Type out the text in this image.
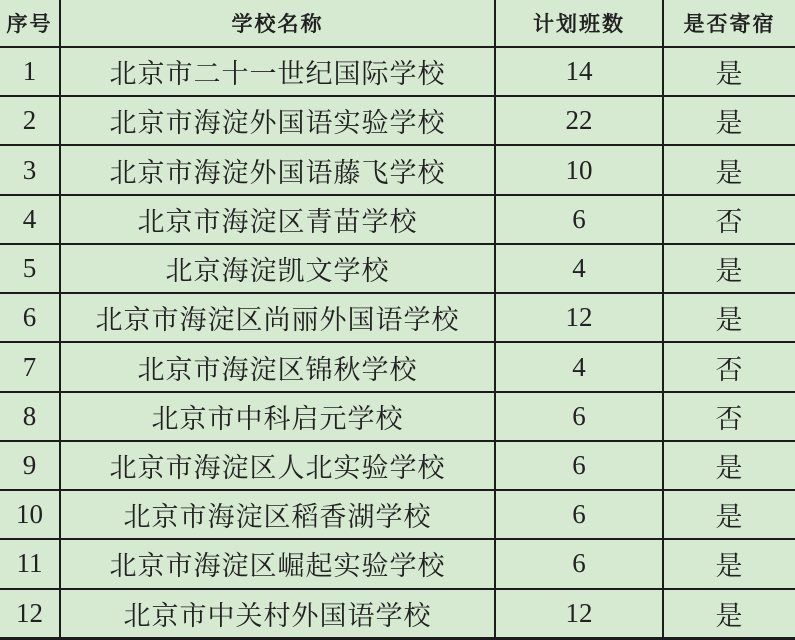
序号	学校名称	计划班数	是否寄宿
1	北京市二十一世纪国际学校	14	是
2	北京市海淀外国语实验学校	22	是
3	北京市海淀外国语藤飞学校	10	是
4	北京市海淀区青苗学校	6	否
5	北京海淀凯文学校	4	是
6	北京市海淀区尚丽外国语学校	12	是
7	北京市海淀区锦秋学校	4	否
8	北京市中科启元学校	6	否
9	北京市海淀区人北实验学校	6	是
10	北京市海淀区稻香湖学校	6	是
11	北京市海淀区崛起实验学校	6	是
12	北京市中关村外国语学校	12	是
